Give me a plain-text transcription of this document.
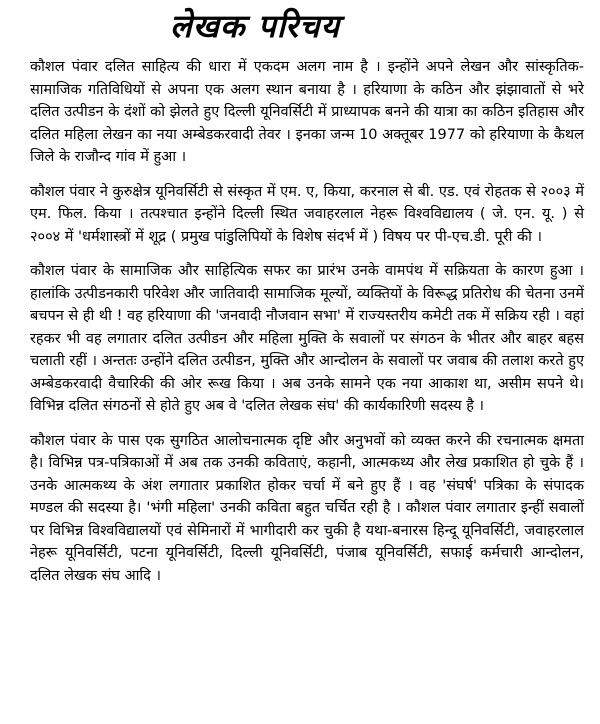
लेखक परिचय

कौशल पंवार दलित साहित्य की धारा में एकदम अलग नाम है । इन्होंने अपने लेखन और सांस्कृतिक-सामाजिक गतिविधियों से अपना एक अलग स्थान बनाया है । हरियाणा के कठिन और झंझावातों से भरे दलित उत्पीडन के दंशों को झेलते हुए दिल्ली यूनिवर्सिटी में प्राध्यापक बनने की यात्रा का कठिन इतिहास और दलित महिला लेखन का नया अम्बेडकरवादी तेवर । इनका जन्म 10 अक्तूबर 1977 को हरियाणा के कैथल जिले के राजौन्द गांव में हुआ ।

कौशल पंवार ने कुरुक्षेत्र यूनिवर्सिटी से संस्कृत में एम. ए, किया, करनाल से बी. एड. एवं रोहतक से २००३ में एम. फिल. किया । तत्पश्चात इन्होंने दिल्ली स्थित जवाहरलाल नेहरू विश्वविद्यालय ( जे. एन. यू. ) से २००४ में 'धर्मशास्त्रों में शूद्र ( प्रमुख पांडुलिपियों के विशेष संदर्भ में ) विषय पर पी-एच.डी. पूरी की ।

कौशल पंवार के सामाजिक और साहित्यिक सफर का प्रारंभ उनके वामपंथ में सक्रियता के कारण हुआ । हालांकि उत्पीडनकारी परिवेश और जातिवादी सामाजिक मूल्यों, व्यक्तियों के विरूद्ध प्रतिरोध की चेतना उनमें बचपन से ही थी ! वह हरियाणा की 'जनवादी नौजवान सभा' में राज्यस्तरीय कमेटी तक में सक्रिय रही । वहां रहकर भी वह लगातार दलित उत्पीडन और महिला मुक्ति के सवालों पर संगठन के भीतर और बाहर बहस चलाती रहीं । अन्ततः उन्होंने दलित उत्पीडन, मुक्ति और आन्दोलन के सवालों पर जवाब की तलाश करते हुए अम्बेडकरवादी वैचारिकी की ओर रूख किया । अब उनके सामने एक नया आकाश था, असीम सपने थे। विभिन्न दलित संगठनों से होते हुए अब वे 'दलित लेखक संघ' की कार्यकारिणी सदस्य है ।

कौशल पंवार के पास एक सुगठित आलोचनात्मक दृष्टि और अनुभवों को व्यक्त करने की रचनात्मक क्षमता है। विभिन्न पत्र-पत्रिकाओं में अब तक उनकी कविताएं, कहानी, आत्मकथ्य और लेख प्रकाशित हो चुके हैं । उनके आत्मकथ्य के अंश लगातार प्रकाशित होकर चर्चा में बने हुए हैं । वह 'संघर्ष' पत्रिका के संपादक मण्डल की सदस्या है। 'भंगी महिला' उनकी कविता बहुत चर्चित रही है । कौशल पंवार लगातार इन्हीं सवालों पर विभिन्न विश्वविद्यालयों एवं सेमिनारों में भागीदारी कर चुकी है यथा-बनारस हिन्दू यूनिवर्सिटी, जवाहरलाल नेहरू यूनिवर्सिटी, पटना यूनिवर्सिटी, दिल्ली यूनिवर्सिटी, पंजाब यूनिवर्सिटी, सफाई कर्मचारी आन्दोलन, दलित लेखक संघ आदि ।
